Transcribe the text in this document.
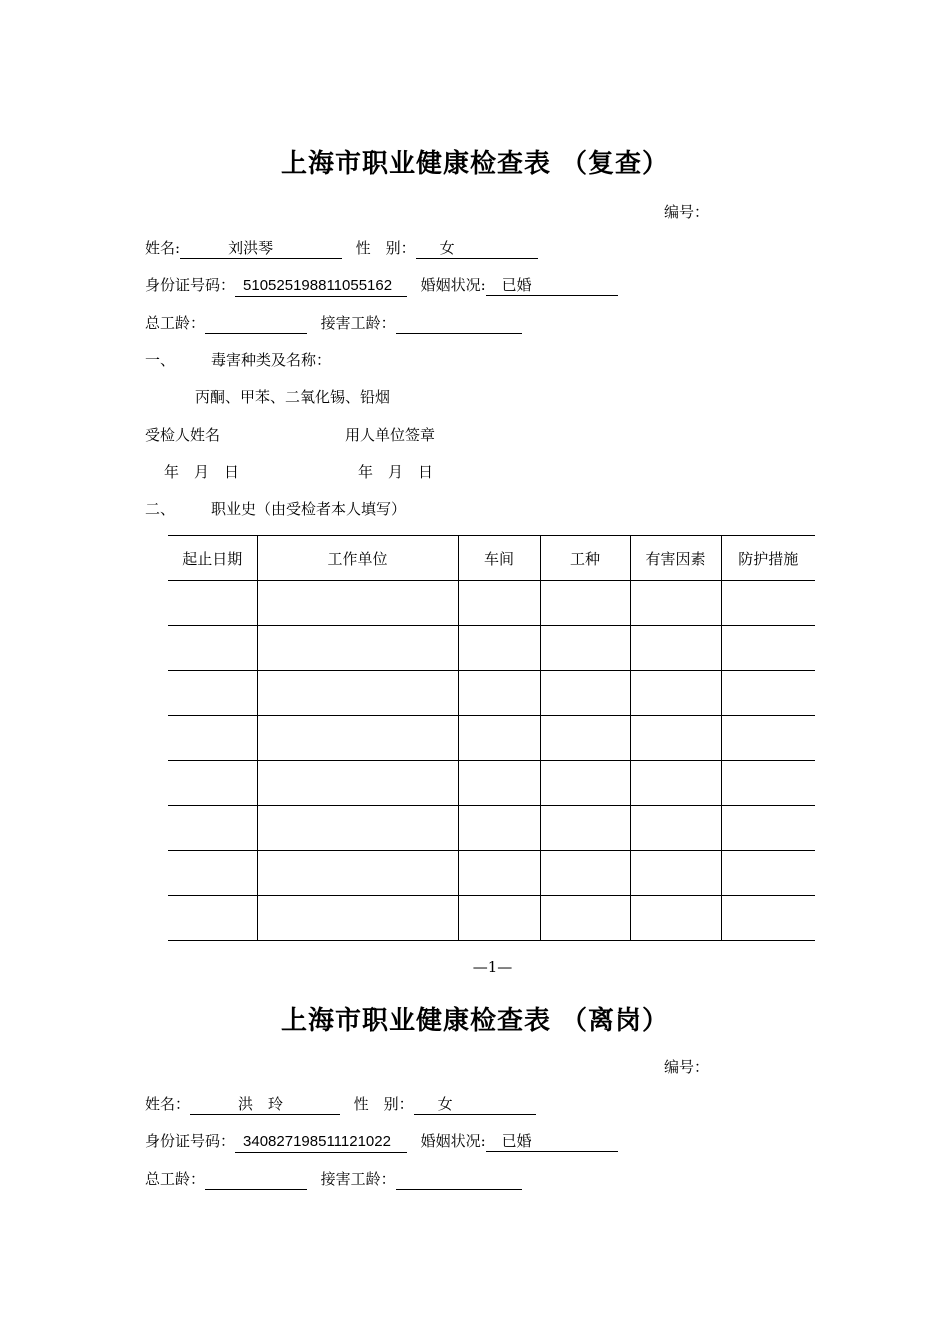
上海市职业健康检查表 （复查）
编号：
姓名:	刘洪琴	性　别： 女
身份证号码： 510525198811055162 婚姻状况: 已婚
总工龄：	接害工龄：
一、 毒害种类及名称：
丙酮、甲苯、二氧化锡、铅烟
受检人姓名	用人单位签章
年　月　日	年　月　日
二、 职业史（由受检者本人填写）
起止日期	工作单位	车间	工种	有害因素	防护措施

—1—
上海市职业健康检查表 （离岗）
编号：
姓名：	洪　玲	性　别： 女
身份证号码： 340827198511121022 婚姻状况: 已婚
总工龄：	接害工龄：
